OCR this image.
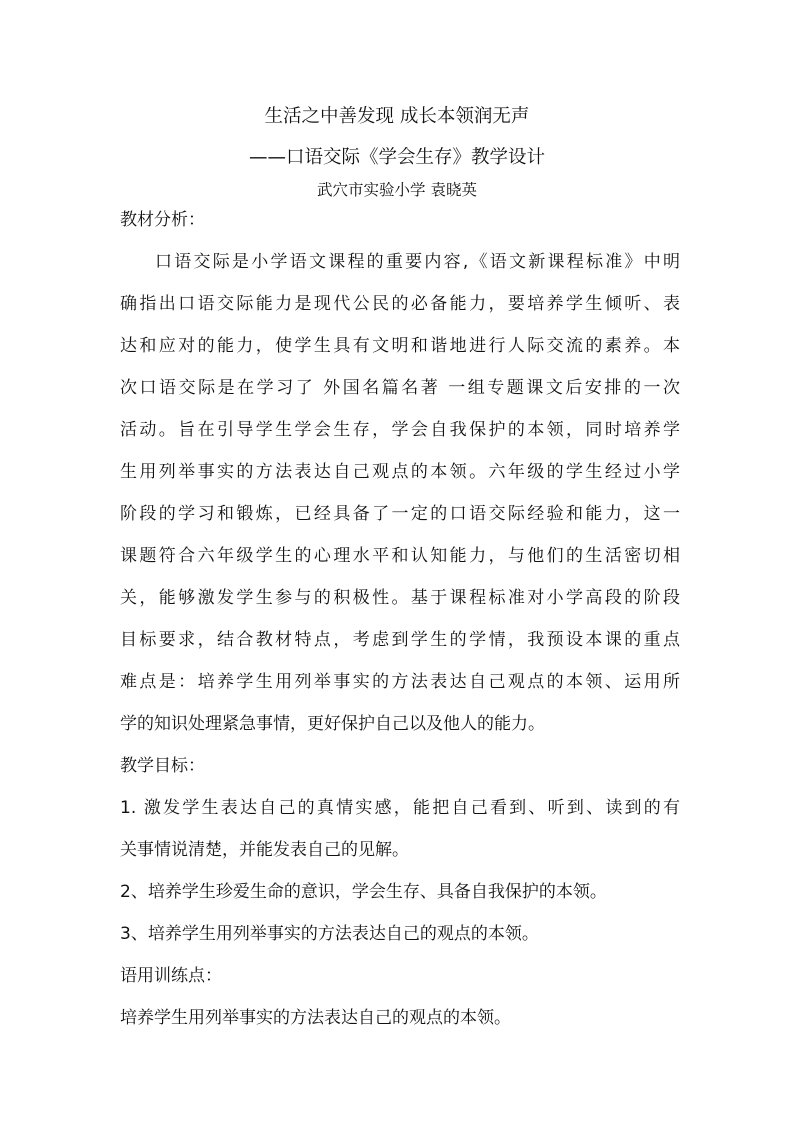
生活之中善发现 成长本领润无声
——口语交际《学会生存》教学设计
武穴市实验小学 袁晓英
教材分析：
口语交际是小学语文课程的重要内容,《语文新课程标准》中明
确指出口语交际能力是现代公民的必备能力，要培养学生倾听、表
达和应对的能力，使学生具有文明和谐地进行人际交流的素养。本
次口语交际是在学习了 外国名篇名著 一组专题课文后安排的一次
活动。旨在引导学生学会生存，学会自我保护的本领，同时培养学
生用列举事实的方法表达自己观点的本领。六年级的学生经过小学
阶段的学习和锻炼，已经具备了一定的口语交际经验和能力，这一
课题符合六年级学生的心理水平和认知能力，与他们的生活密切相
关，能够激发学生参与的积极性。基于课程标准对小学高段的阶段
目标要求，结合教材特点，考虑到学生的学情，我预设本课的重点
难点是：培养学生用列举事实的方法表达自己观点的本领、运用所
学的知识处理紧急事情，更好保护自己以及他人的能力。
教学目标：
1. 激发学生表达自己的真情实感，能把自己看到、听到、读到的有
关事情说清楚，并能发表自己的见解。
2、培养学生珍爱生命的意识，学会生存、具备自我保护的本领。
3、培养学生用列举事实的方法表达自己的观点的本领。
语用训练点：
培养学生用列举事实的方法表达自己的观点的本领。
